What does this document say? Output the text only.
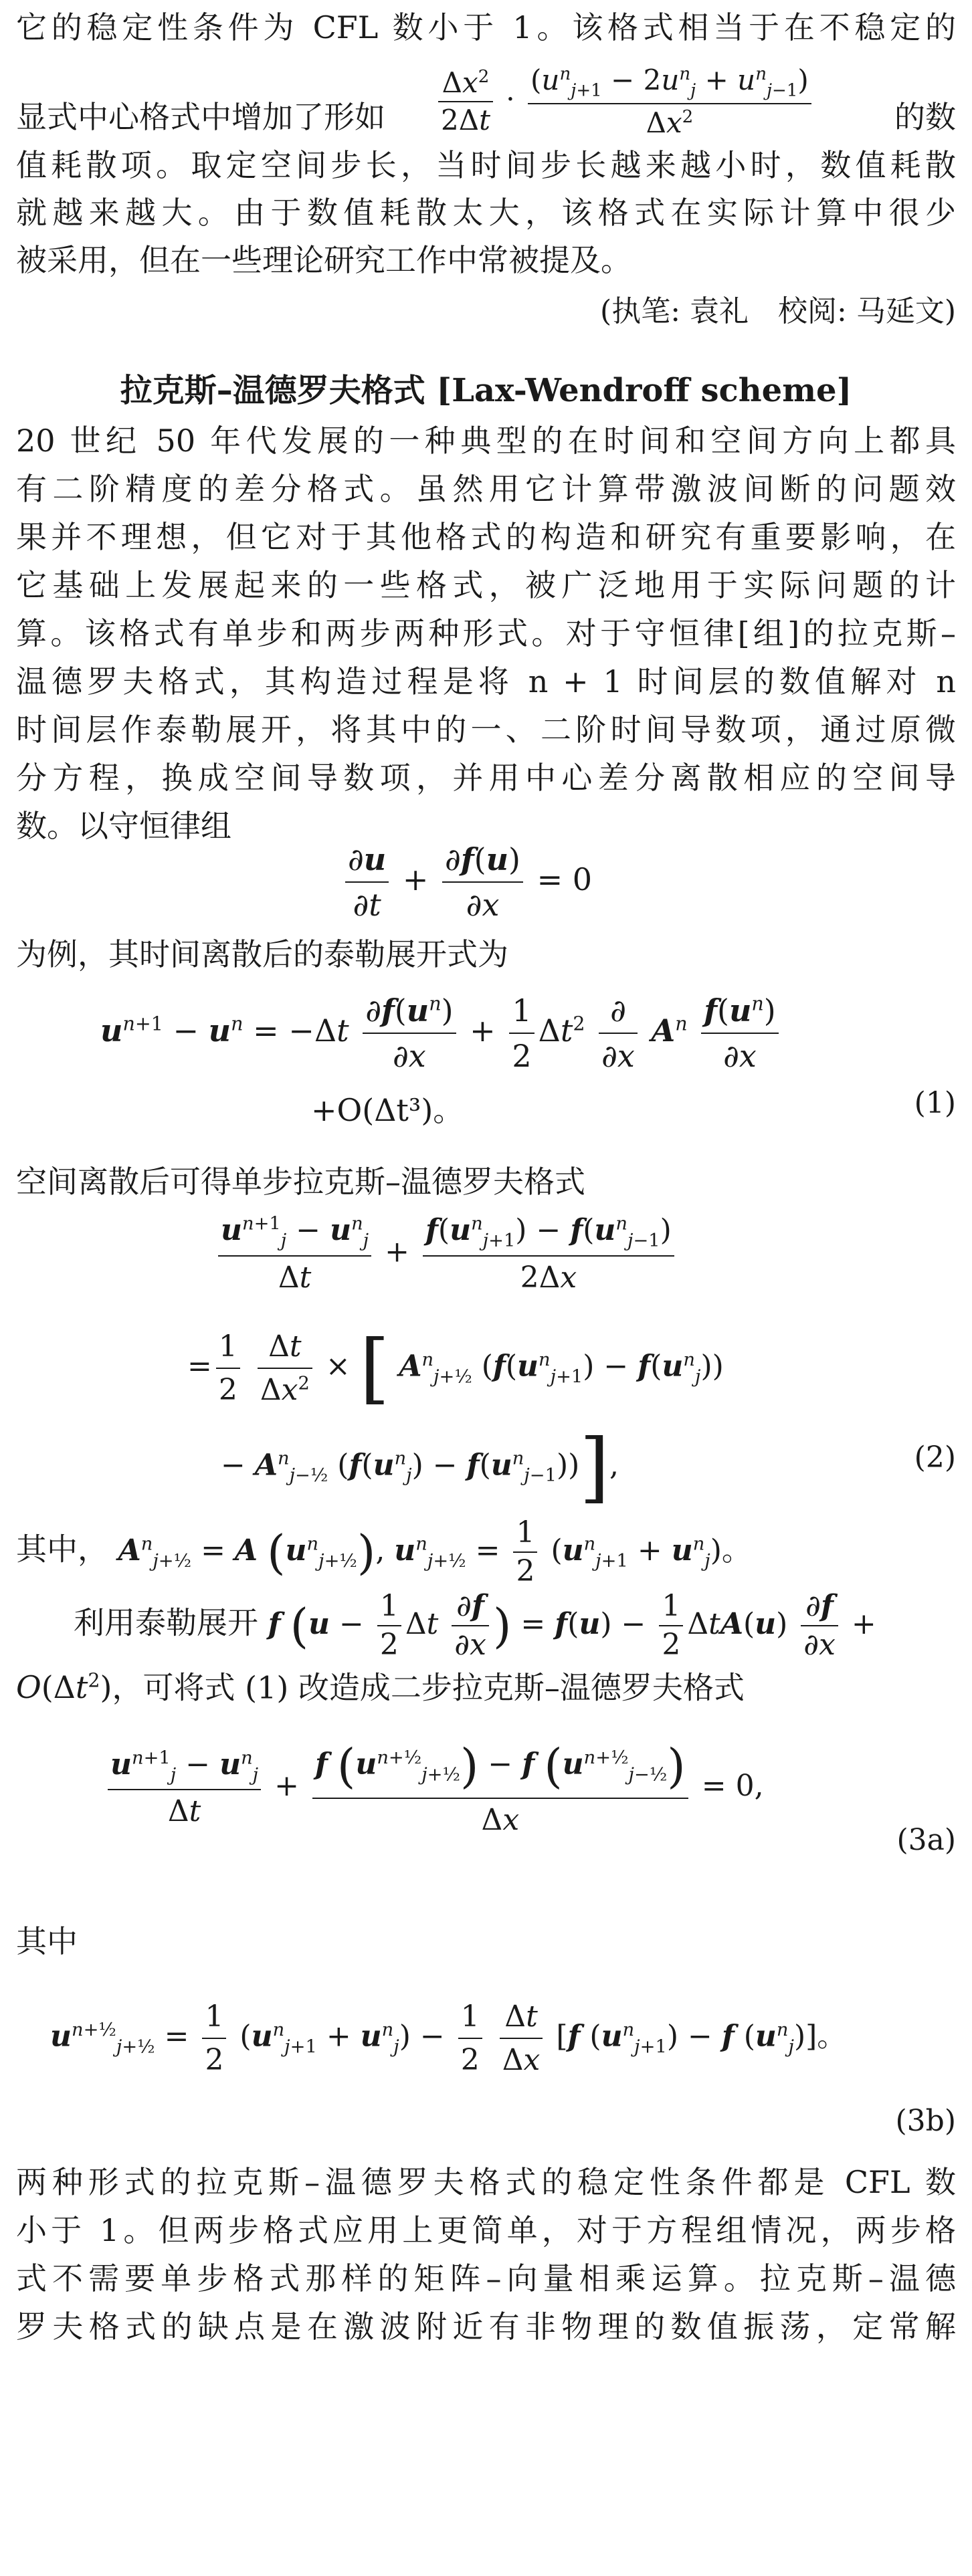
它的稳定性条件为 CFL 数小于 1。该格式相当于在不稳定的
显式中心格式中增加了形如 $\frac{\Delta x^2}{2\Delta t} \cdot \frac{(u^n_{j+1} - 2u^n_j + u^n_{j-1})}{\Delta x^2}$	的数
值耗散项。取定空间步长，当时间步长越来越小时，数值耗散
就越来越大。由于数值耗散太大，该格式在实际计算中很少
被采用，但在一些理论研究工作中常被提及。
(执笔: 袁礼　校阅: 马延文)
拉克斯–温德罗夫格式 [Lax-Wendroff scheme]
20 世纪 50 年代发展的一种典型的在时间和空间方向上都具
有二阶精度的差分格式。虽然用它计算带激波间断的问题效
果并不理想，但它对于其他格式的构造和研究有重要影响，在
它基础上发展起来的一些格式，被广泛地用于实际问题的计
算。该格式有单步和两步两种形式。对于守恒律[组]的拉克斯–
温德罗夫格式，其构造过程是将 n + 1 时间层的数值解对 n
时间层作泰勒展开，将其中的一、二阶时间导数项，通过原微
分方程，换成空间导数项，并用中心差分离散相应的空间导
数。以守恒律组
$\frac{\partial u}{\partial t} + \frac{\partial f(u)}{\partial x} = 0$
为例，其时间离散后的泰勒展开式为
$u^{n+1} - u^n = -\Delta t \frac{\partial f(u^n)}{\partial x} + \frac{1}{2} \Delta t^2 \frac{\partial}{\partial x} A^n \frac{f(u^n)}{\partial x}$
+O(Δt³)。	(1)
空间离散后可得单步拉克斯–温德罗夫格式
$\frac{u^{n+1}_j - u^n_j}{\Delta t} + \frac{f(u^n_{j+1}) - f(u^n_{j-1})}{2\Delta x}$
= $\frac{1}{2}$
$\frac{\Delta t}{\Delta x^2}$ × [ $A^n_{j+\frac{1}{2}}$ $(f(u^n_{j+1}) - f(u^n_j))$
− $A^n_{j-\frac{1}{2}}$ $(f(u^n_j) - f(u^n_{j-1}))$],	(2)
其中， $A^n_{j+\frac{1}{2}} = A$ $(u^n_{j+\frac{1}{2}})$, $u^n_{j+\frac{1}{2}} = \frac{1}{2} (u^n_{j+1} + u^n_j)$。
利用泰勒展开 f ($u - \frac{1}{2}$ Δt $\frac{\partial f}{\partial x}$ ) = $f(u) - \frac{1}{2} \Delta tA(u) \frac{\partial f}{\partial x}$ +
$O(\Delta t^2)$，可将式 (1) 改造成二步拉克斯–温德罗夫格式
$\frac{u^{n+1}_j - u^n_j}{\Delta t} + \frac{f (u^{n+\frac{1}{2}}_{j+\frac{1}{2}}) - f (u^{n+\frac{1}{2}}_{j-\frac{1}{2}})}{\Delta x} = 0$,
(3a)
其中
$u^{n+\frac{1}{2}}_{j+\frac{1}{2}} = \frac{1}{2} (u^n_{j+1} + u^n_j) - \frac{1}{2}$
$\frac{\Delta t}{\Delta x} [f$ $(u^n_{j+1}) - f$ $(u^n_j)$]。
(3b)
两种形式的拉克斯–温德罗夫格式的稳定性条件都是 CFL 数
小于 1。但两步格式应用上更简单，对于方程组情况，两步格
式不需要单步格式那样的矩阵–向量相乘运算。拉克斯–温德
罗夫格式的缺点是在激波附近有非物理的数值振荡，定常解
